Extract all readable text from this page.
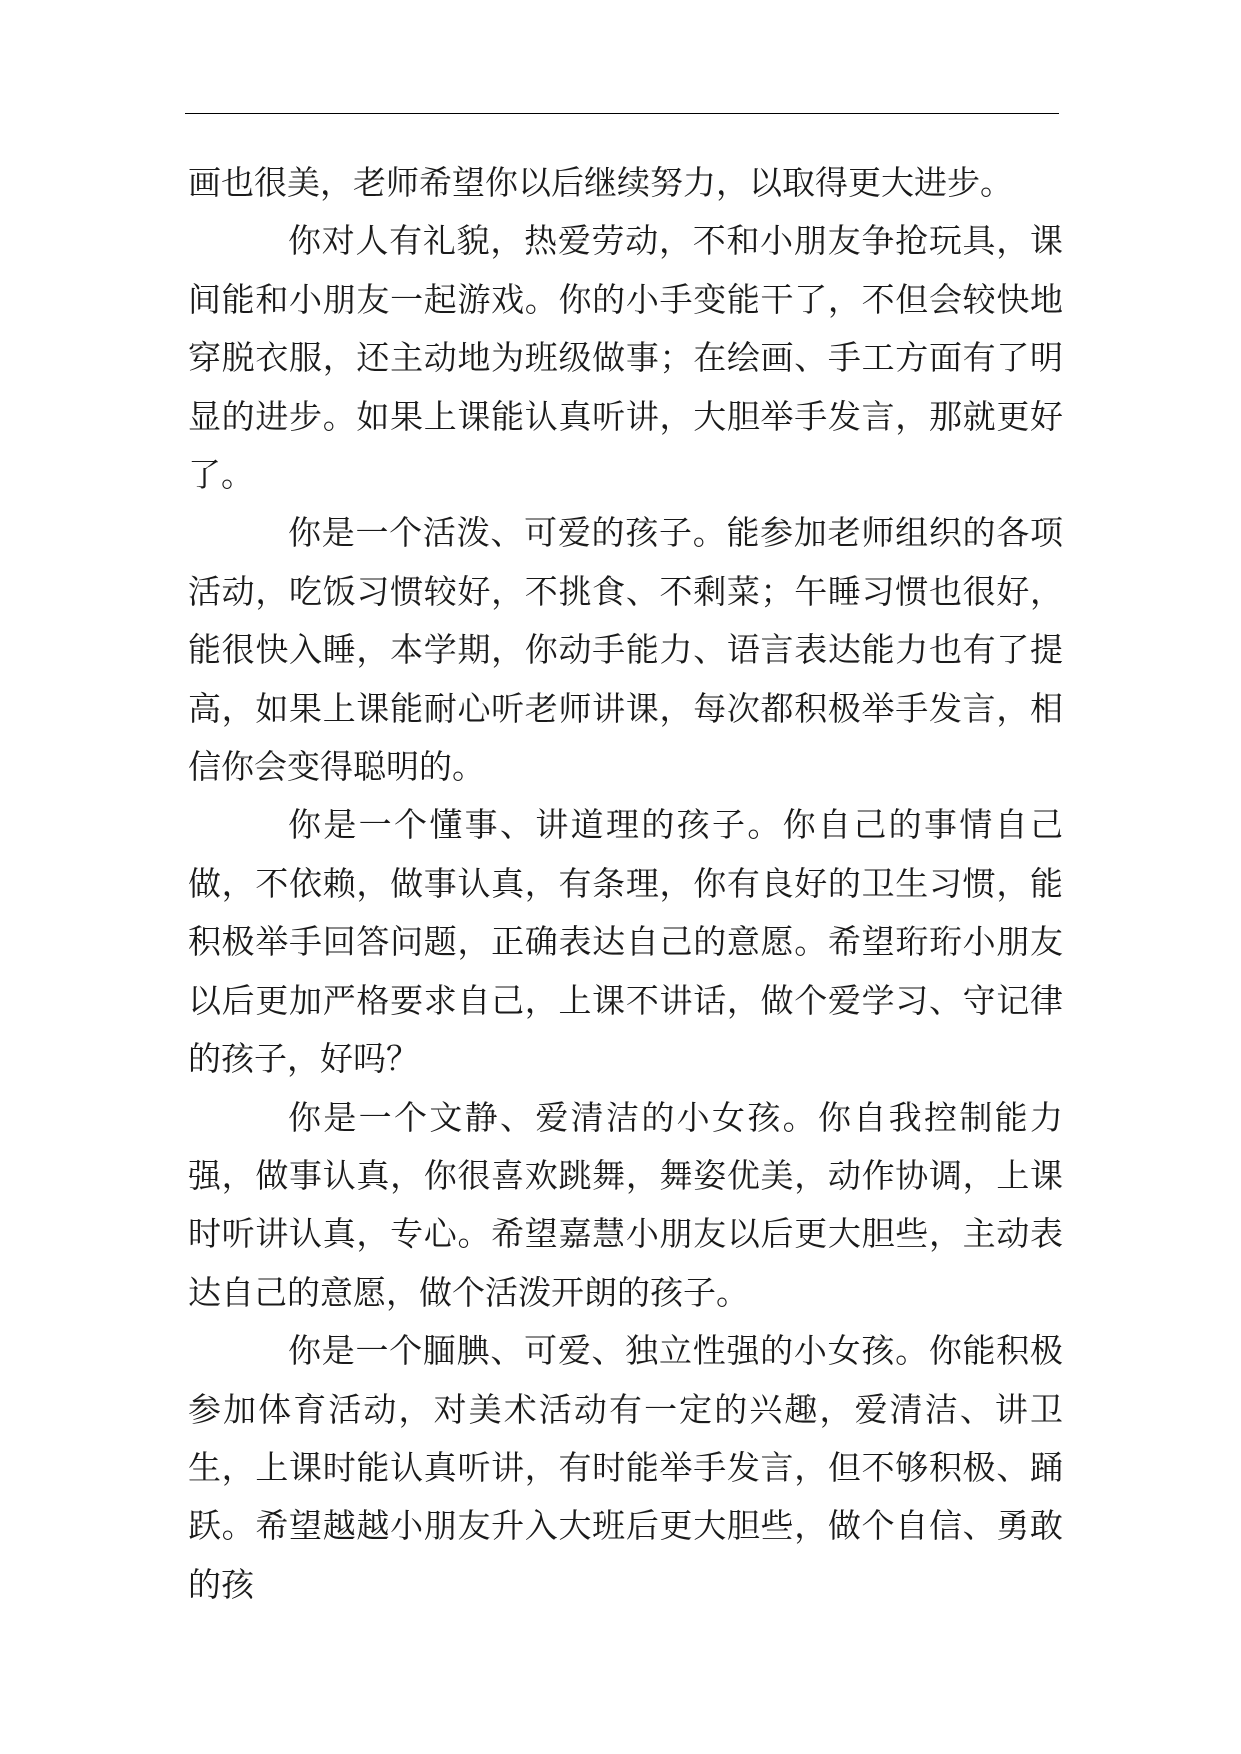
画也很美，老师希望你以后继续努力，以取得更大进步。

你对人有礼貌，热爱劳动，不和小朋友争抢玩具，课间能和小朋友一起游戏。你的小手变能干了，不但会较快地穿脱衣服，还主动地为班级做事；在绘画、手工方面有了明显的进步。如果上课能认真听讲，大胆举手发言，那就更好了。

你是一个活泼、可爱的孩子。能参加老师组织的各项活动，吃饭习惯较好，不挑食、不剩菜；午睡习惯也很好，能很快入睡，本学期，你动手能力、语言表达能力也有了提高，如果上课能耐心听老师讲课，每次都积极举手发言，相信你会变得聪明的。

你是一个懂事、讲道理的孩子。你自己的事情自己做，不依赖，做事认真，有条理，你有良好的卫生习惯，能积极举手回答问题，正确表达自己的意愿。希望珩珩小朋友以后更加严格要求自己，上课不讲话，做个爱学习、守记律的孩子，好吗？

你是一个文静、爱清洁的小女孩。你自我控制能力强，做事认真，你很喜欢跳舞，舞姿优美，动作协调，上课时听讲认真，专心。希望嘉慧小朋友以后更大胆些，主动表达自己的意愿，做个活泼开朗的孩子。

你是一个腼腆、可爱、独立性强的小女孩。你能积极参加体育活动，对美术活动有一定的兴趣，爱清洁、讲卫生，上课时能认真听讲，有时能举手发言，但不够积极、踊跃。希望越越小朋友升入大班后更大胆些，做个自信、勇敢的孩
